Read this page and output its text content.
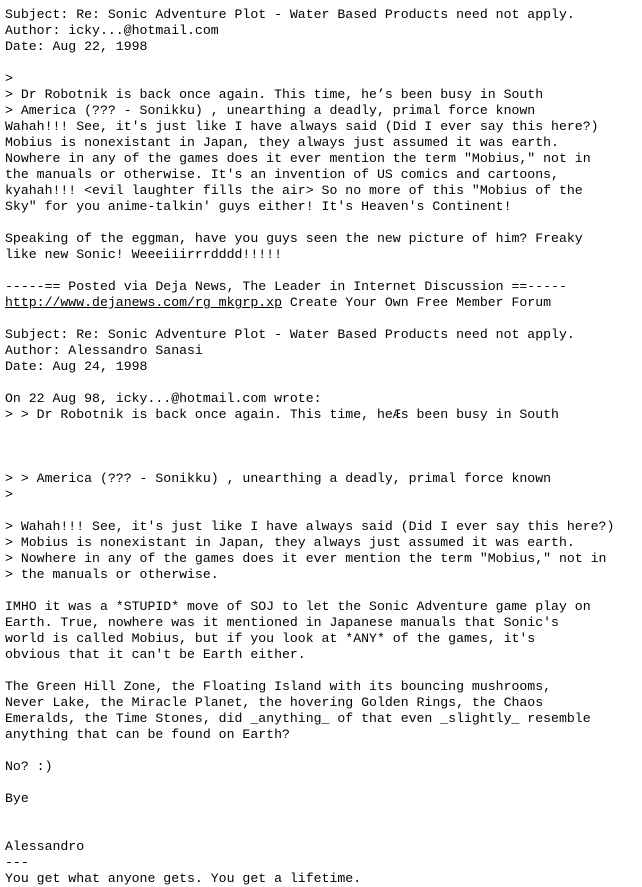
Subject: Re: Sonic Adventure Plot - Water Based Products need not apply.
Author: icky...@hotmail.com
Date: Aug 22, 1998
>
> Dr Robotnik is back once again. This time, he’s been busy in South
> America (??? - Sonikku) , unearthing a deadly, primal force known
Wahah!!! See, it's just like I have always said (Did I ever say this here?)
Mobius is nonexistant in Japan, they always just assumed it was earth.
Nowhere in any of the games does it ever mention the term "Mobius," not in
the manuals or otherwise. It's an invention of US comics and cartoons,
kyahah!!! <evil laughter fills the air> So no more of this "Mobius of the
Sky" for you anime-talkin' guys either! It's Heaven's Continent!
Speaking of the eggman, have you guys seen the new picture of him? Freaky
like new Sonic! Weeeiiirrrdddd!!!!!
-----== Posted via Deja News, The Leader in Internet Discussion ==-----
http://www.dejanews.com/rg_mkgrp.xp Create Your Own Free Member Forum
Subject: Re: Sonic Adventure Plot - Water Based Products need not apply.
Author: Alessandro Sanasi
Date: Aug 24, 1998
On 22 Aug 98, icky...@hotmail.com wrote:
> > Dr Robotnik is back once again. This time, heÆs been busy in South
> > America (??? - Sonikku) , unearthing a deadly, primal force known
>
> Wahah!!! See, it's just like I have always said (Did I ever say this here?)
> Mobius is nonexistant in Japan, they always just assumed it was earth.
> Nowhere in any of the games does it ever mention the term "Mobius," not in
> the manuals or otherwise.
IMHO it was a *STUPID* move of SOJ to let the Sonic Adventure game play on
Earth. True, nowhere was it mentioned in Japanese manuals that Sonic's
world is called Mobius, but if you look at *ANY* of the games, it's
obvious that it can't be Earth either.
The Green Hill Zone, the Floating Island with its bouncing mushrooms,
Never Lake, the Miracle Planet, the hovering Golden Rings, the Chaos
Emeralds, the Time Stones, did _anything_ of that even _slightly_ resemble
anything that can be found on Earth?
No? :)
Bye
Alessandro
---
You get what anyone gets. You get a lifetime.
